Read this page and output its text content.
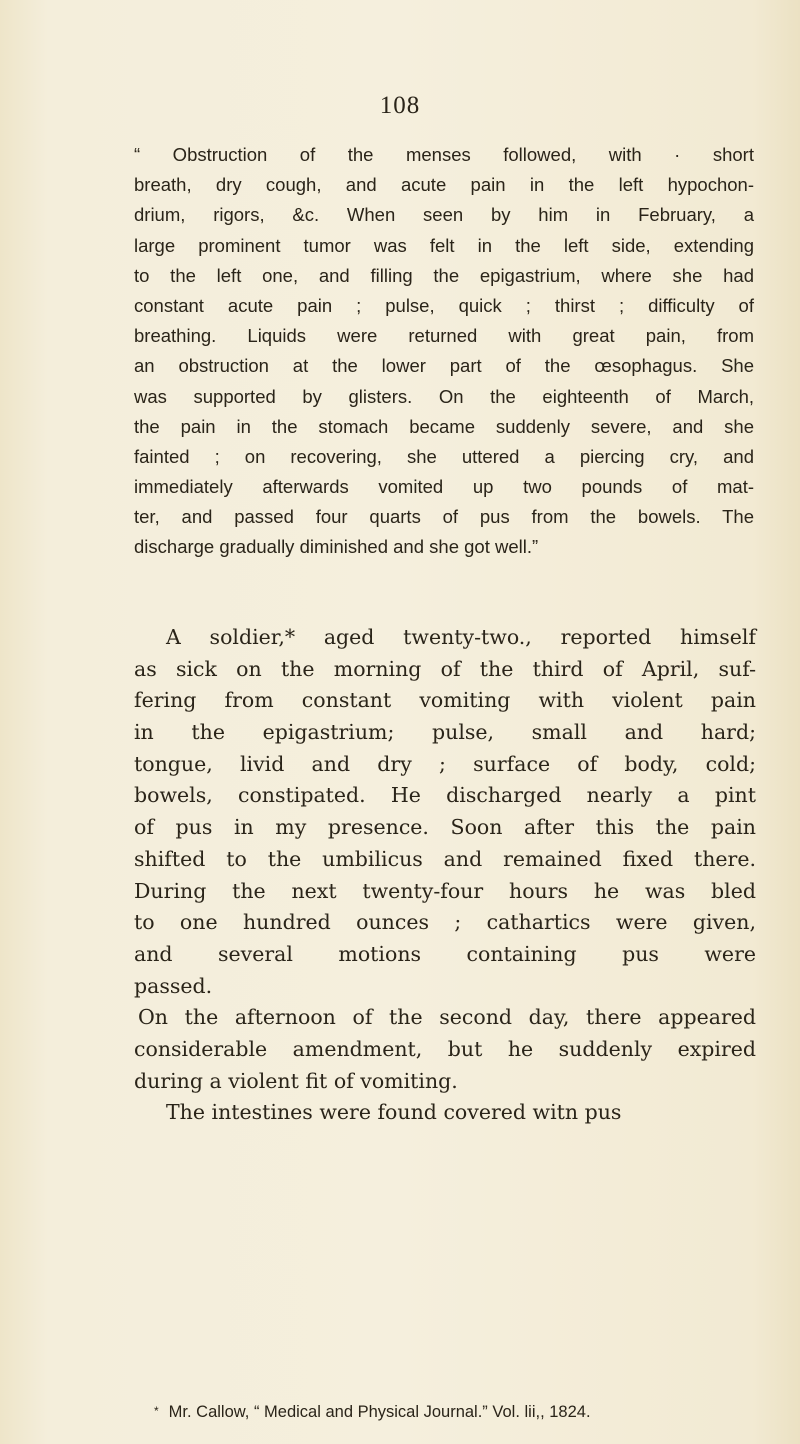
108
“ Obstruction of the menses followed, with · short
breath, dry cough, and acute pain in the left hypochon-
drium, rigors, &c. When seen by him in February, a
large prominent tumor was felt in the left side, extending
to the left one, and filling the epigastrium, where she had
constant acute pain ; pulse, quick ; thirst ; difficulty of
breathing. Liquids were returned with great pain, from
an obstruction at the lower part of the œsophagus. She
was supported by glisters. On the eighteenth of March,
the pain in the stomach became suddenly severe, and she
fainted ; on recovering, she uttered a piercing cry, and
immediately afterwards vomited up two pounds of mat-
ter, and passed four quarts of pus from the bowels. The
discharge gradually diminished and she got well.”
A soldier,* aged twenty-two., reported himself
as sick on the morning of the third of April, suf-
fering from constant vomiting with violent pain
in the epigastrium; pulse, small and hard;
tongue, livid and dry ; surface of body, cold;
bowels, constipated. He discharged nearly a pint
of pus in my presence. Soon after this the pain
shifted to the umbilicus and remained fixed there.
During the next twenty-four hours he was bled
to one hundred ounces ; cathartics were given,
and several motions containing pus were
passed.
On the afternoon of the second day, there appeared
considerable amendment, but he suddenly expired
during a violent fit of vomiting.
The intestines were found covered witn pus
* Mr. Callow, “ Medical and Physical Journal.” Vol. lii,, 1824.
